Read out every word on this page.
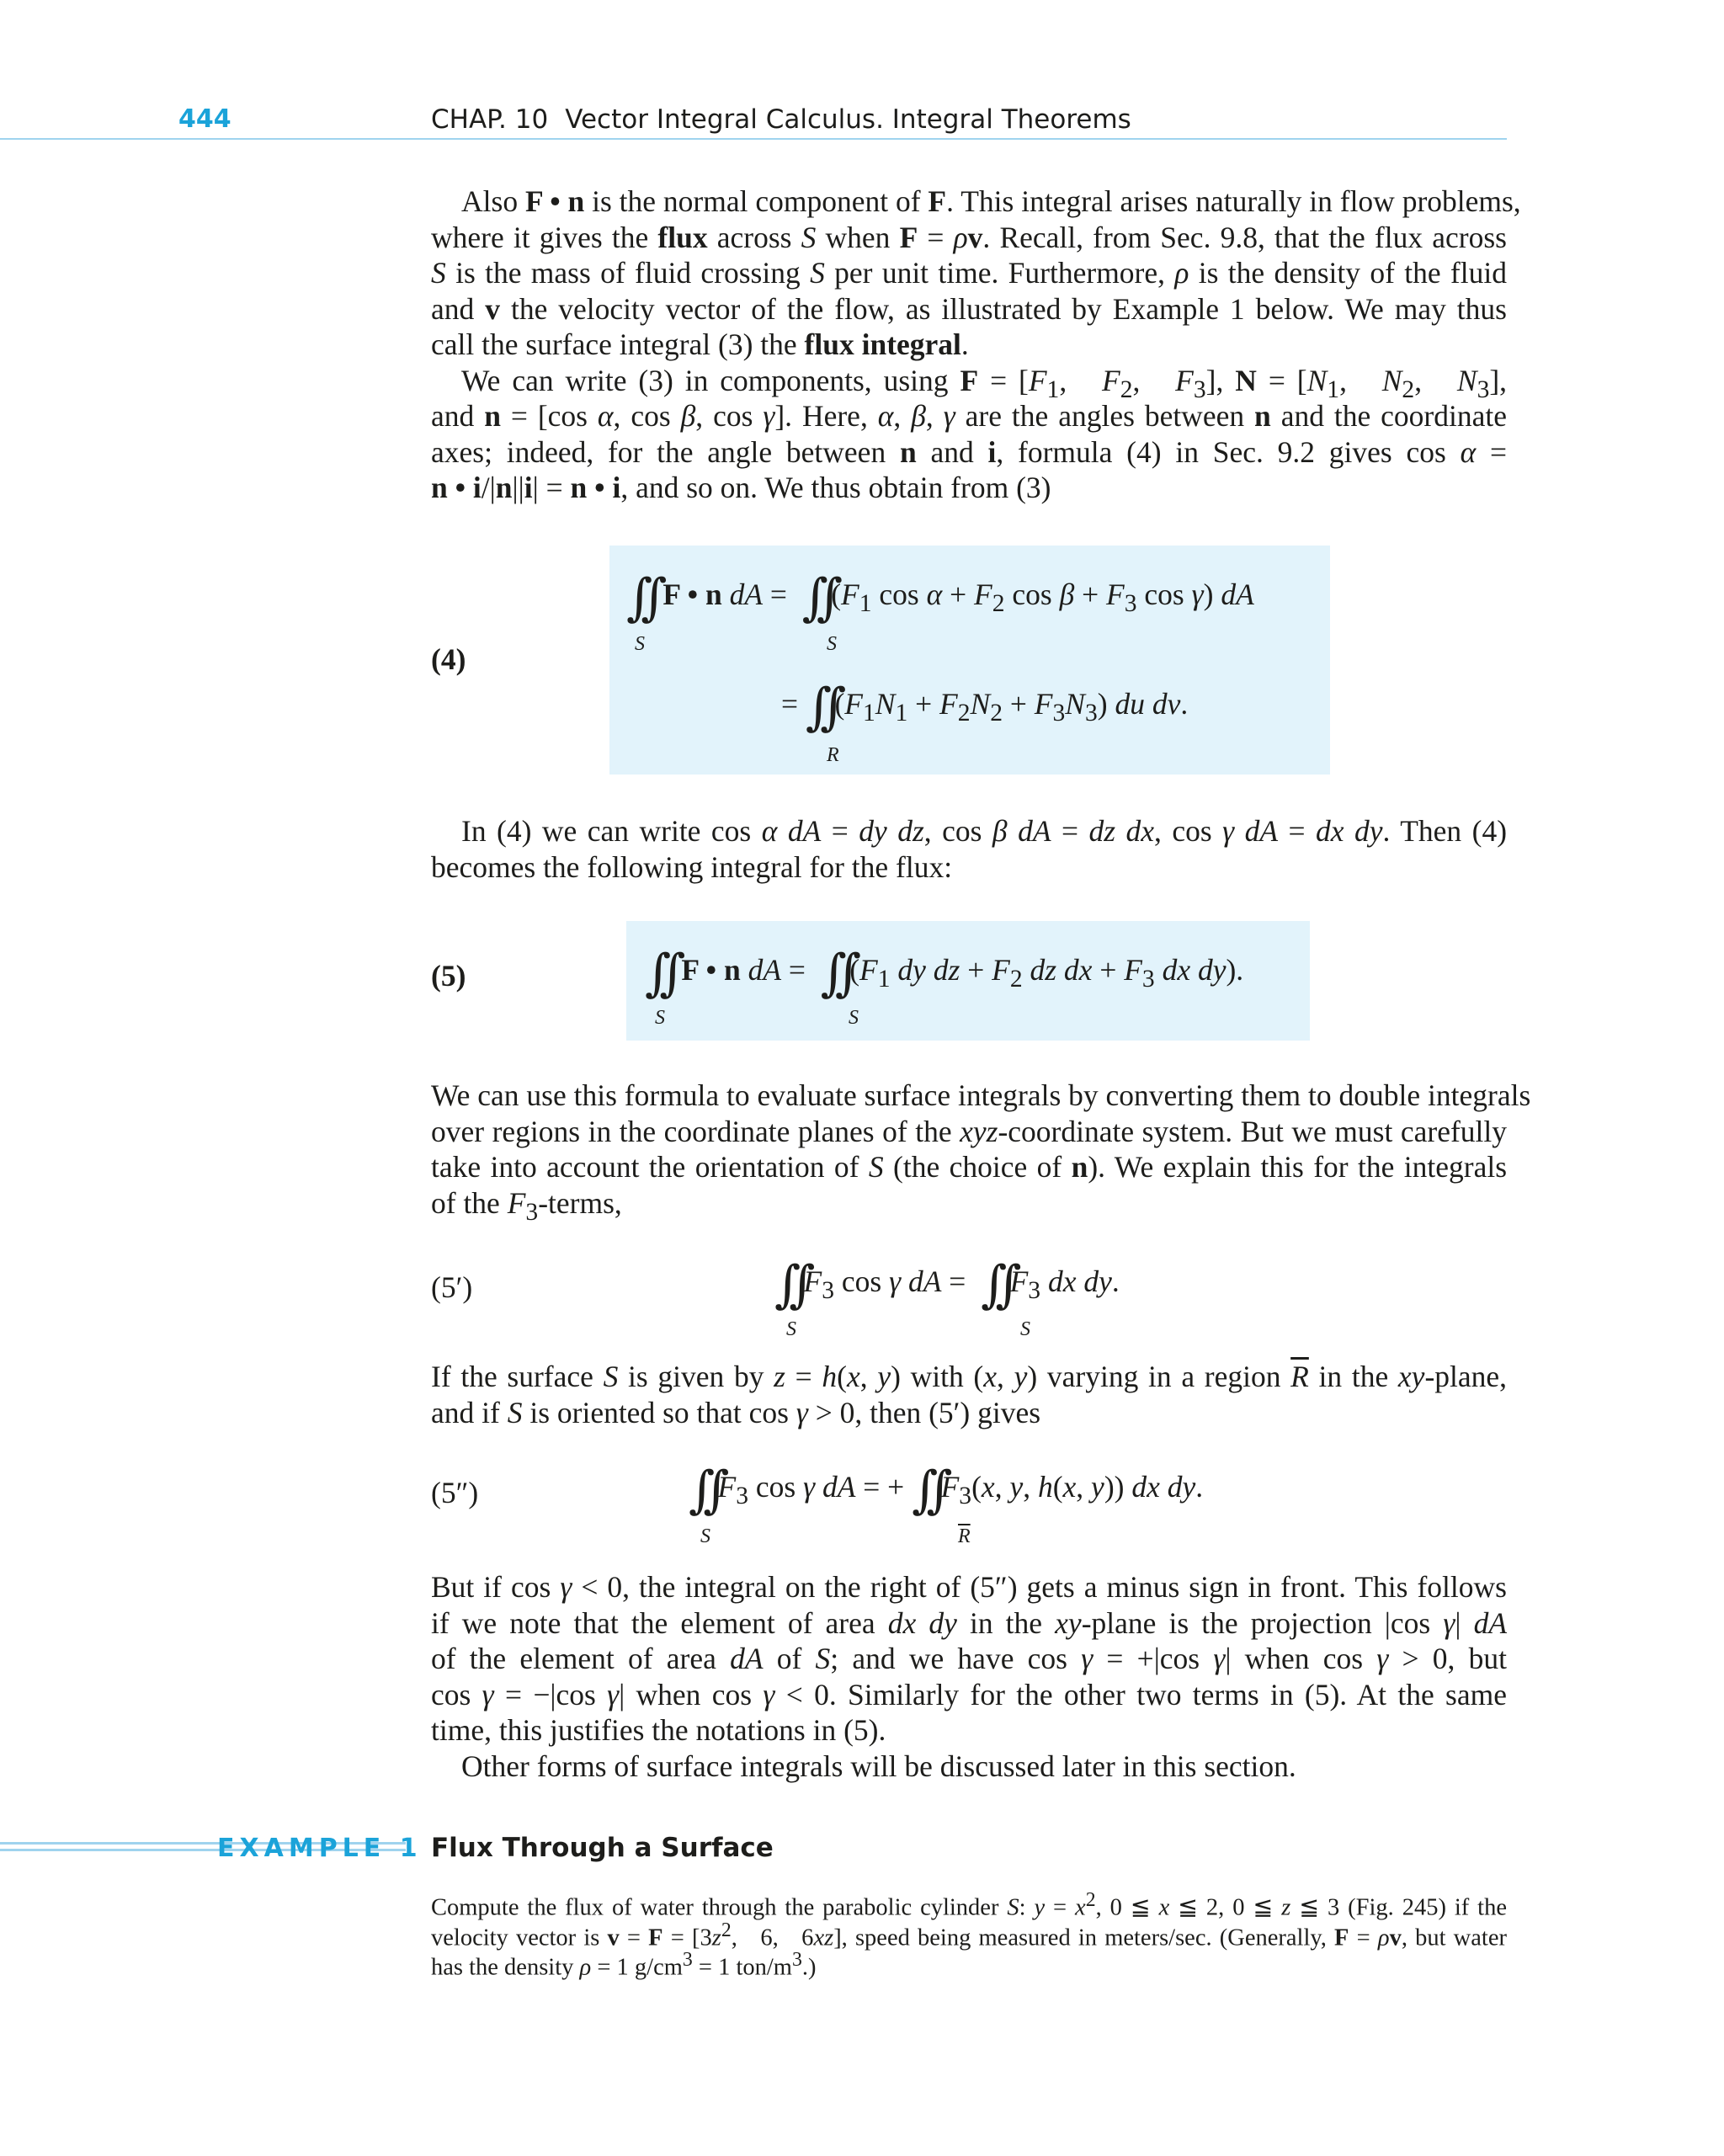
444	CHAP. 10 Vector Integral Calculus. Integral Theorems
Also F • n is the normal component of F. This integral arises naturally in flow problems,
where it gives the flux across S when F = ρv. Recall, from Sec. 9.8, that the flux across
S is the mass of fluid crossing S per unit time. Furthermore, ρ is the density of the fluid
and v the velocity vector of the flow, as illustrated by Example 1 below. We may thus
call the surface integral (3) the flux integral.
We can write (3) in components, using $F = [F_1$,   $F_2$,   $F_3$], $N = [N_1$,   $N_2$,   $N_3$],
and n = [cos α, cos β, cos γ]. Here, α, β, γ are the angles between n and the coordinate
axes; indeed, for the angle between n and i, formula (4) in Sec. 9.2 gives cos α =
n • i/|n||i| = n • i, and so on. We thus obtain from (3)
(4)
∫∫ F • n dA =  $\int\int(F_1$ $\cos \alpha + F_2$ $\cos \beta + F_3$ cos γ) dA
S	S
= $\int\int(F_1N_1 + F_2N_2 + F_3N_3)$ du dv.
R
In (4) we can write cos α dA = dy dz, cos β dA = dz dx, cos γ dA = dx dy. Then (4)
becomes the following integral for the flux:
(5)	∫∫ F • n dA =  $\int\int(F_1$ dy dz + $F_2$ dz dx + $F_3$ dx dy).
S	S
We can use this formula to evaluate surface integrals by converting them to double integrals
over regions in the coordinate planes of the xyz-coordinate system. But we must carefully
take into account the orientation of S (the choice of n). We explain this for the integrals
of the $F_3$-terms,
(5′)	$\int\int F_3$ cos γ dA =  $\int\int F_3$ dx dy.
S	S
If the surface S is given by z = h(x, y) with (x, y) varying in a region $\overline{R}$ in the xy-plane,
and if S is oriented so that cos γ > 0, then (5′) gives
(5″)	$\int\int F_3$ cos γ dA = + $\int\int F_3(x$, y, h(x, y)) dx dy.
S	$\overline{R}$
But if cos γ < 0, the integral on the right of (5″) gets a minus sign in front. This follows
if we note that the element of area dx dy in the xy-plane is the projection |cos γ| dA
of the element of area dA of S; and we have cos γ = +|cos γ| when cos γ > 0, but
cos γ = −|cos γ| when cos γ < 0. Similarly for the other two terms in (5). At the same
time, this justifies the notations in (5).
Other forms of surface integrals will be discussed later in this section.
EXAMPLE 1 Flux Through a Surface
Compute the flux of water through the parabolic cylinder S: $y = x^2$, 0 ≦ x ≦ 2, 0 ≦ z ≦ 3 (Fig. 245) if the
velocity vector is $v = F = [3z^2$,   6,   6xz], speed being measured in meters/sec. (Generally, F = ρv, but water
has the density ρ = 1 $g/cm^3 = 1$ ton/$m^3$.)
